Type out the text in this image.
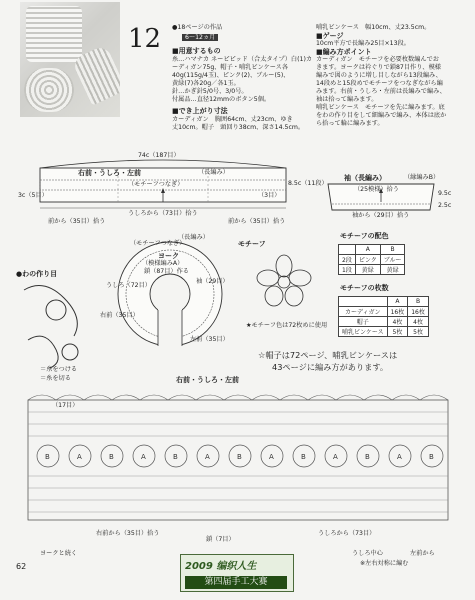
12 ●18ページの作品
6～12ヵ月
■用意するもの
糸…ハマナカ ネーピピッド（合太タイプ）白(1)カ
ーディガン75g、帽子・哺乳ビンケース各
40g(115g/4玉)、ピンク(2)、ブルー(5)、
黄緑(7)各20g／各1玉。
針…かぎ針5/0号、3/0号。
付属品…直径12mmのボタン5個。
■でき上がり寸法
カーディガン　胸囲64cm、丈23cm、ゆき
丈10cm。帽子　頭回り38cm、深さ14.5cm。
哺乳ビンケース　幅10cm、丈23.5cm。
■ゲージ
10cm平方で長編み25目×13段。
■編み方ポイント
カーディガン　モチーフを必要枚数編んでお
きます。ヨークは衿ぐりで鎖87目作り、模様
編みで図のように増し目しながら13段編み、
14段めと15段めでモチーフをつなぎながら編
みます。右前・うしろ・左前は長編みで編み、
袖は拾って編みます。
哺乳ビンケース　モチーフを先に編みます。底
をわの作り目をして細編みで編み、本体は底か
ら拾って輪に編みます。
74c（187目）
右前・うしろ・左前	（長編み）
（モチーフつなぎ）
うしろから（73目）拾う
前から（35目）拾う	前から（35目）拾う
8.5c（11段）
3c（5目）	（3目）
袖（長編み）	（縁編みB）
（25模様）拾う
袖から（29目）拾う
9.5c
2.5c
（モチーフつなぎ）
（長編み）
ヨーク
（模様編みA）
鎖（87目）作る
右前（35目）
左前（35目）
袖（29目）
うしろ（72目）
●わの作り目
モチーフ
★モチーフ色は72枚めに使用
モチーフの配色
	A	B
2段	ピンク	ブルー
1段	黄緑	黄緑
モチーフの枚数
	A	B
カーディガン	16枚	16枚
帽子	4枚	4枚
哺乳ビンケース	5枚	5枚
☆帽子は72ページ、哺乳ビンケースは
43ページに編み方があります。
＝糸をつける
＝糸を切る	右前・うしろ・左前
B	A	B	A	B	A	B	A	B	A	B	A	B
（17目）
右前から（35目）拾う
鎖（7目）
うしろから（73目）
うしろ中心	左前から
ヨークと続く
※左右対称に編む
62	2009 编织人生
第四届手工大赛
